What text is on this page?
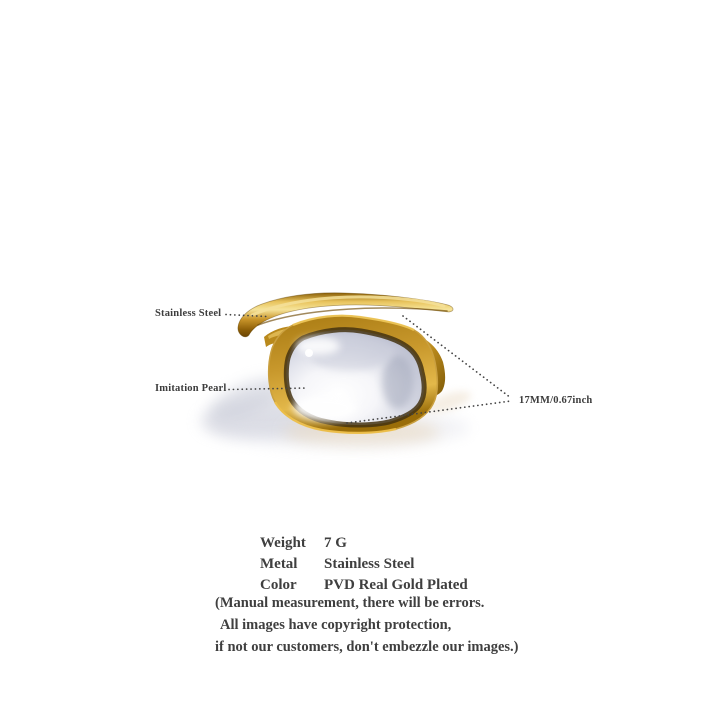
Stainless Steel
Imitation Pearl
17MM/0.67inch
Weight	7 G
Metal	Stainless Steel
Color	PVD Real Gold Plated
(Manual measurement, there will be errors.
All images have copyright protection,
if not our customers, don't embezzle our images.)
